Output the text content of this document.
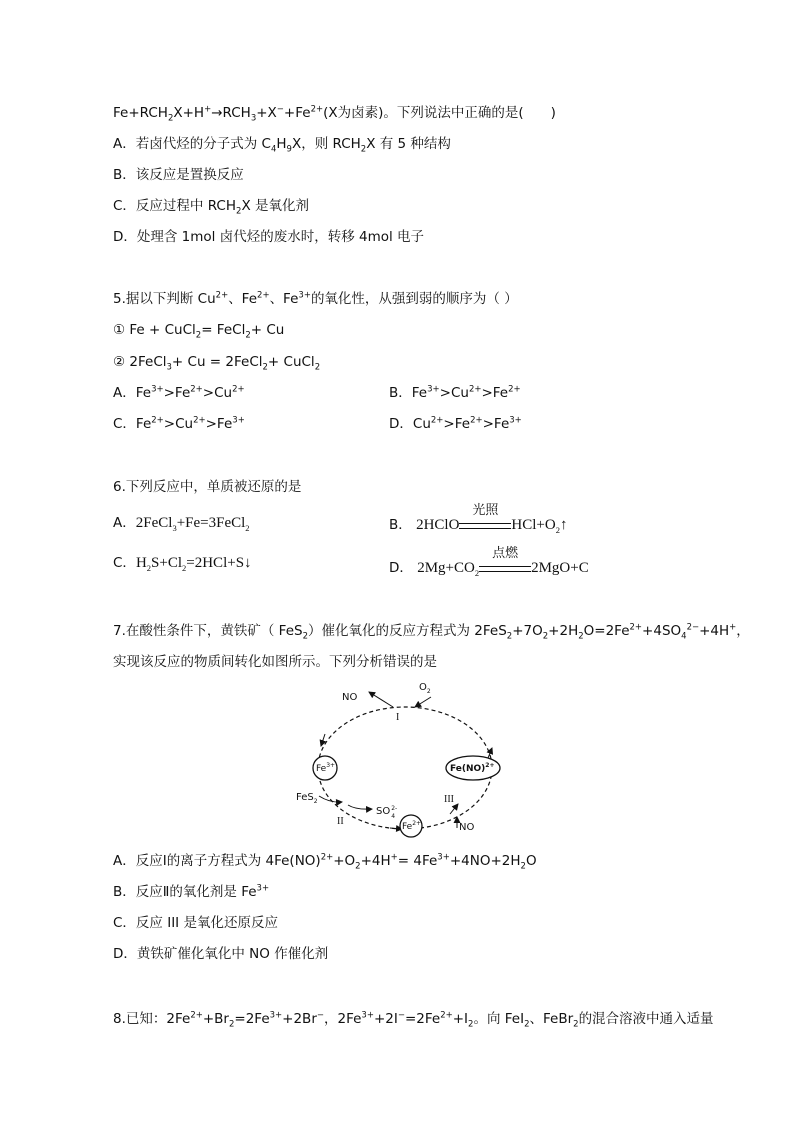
$Fe+RCH_2X+H^+\to RCH_3+X^-+Fe^{2+}(X$为卤素)。下列说法中正确的是(　　)
A．若卤代烃的分子式为 $C_4H_9X$，则 $RCH_2X$ 有 5 种结构
B．该反应是置换反应
C．反应过程中 $RCH_2X$ 是氧化剂
D．处理含 1mol 卤代烃的废水时，转移 4mol 电子
5.据以下判断 $Cu^{2+}$、$Fe^{2+}$、$Fe^{3+}$的氧化性，从强到弱的顺序为（ ）
① Fe + CuCl$_2$= FeCl$_2$+ Cu
② 2FeCl$_3$+ Cu = 2FeCl$_2$+ CuCl$_2$
A．$Fe^{3+}>Fe^{2+}>Cu^{2+}$	B．$Fe^{3+}>Cu^{2+}>Fe^{2+}$
C．$Fe^{2+}>Cu^{2+}>Fe^{3+}$	D．$Cu^{2+}>Fe^{2+}>Fe^{3+}$
6.下列反应中，单质被还原的是
A．2FeCl$_3$+Fe=3FeCl$_2$	B． 2HClO
光照
$HCl+O_2↑$
C．$H_2S+Cl_2=2HCl+S↓$	D． $2Mg+CO_2$
点燃
2MgO+C
7.在酸性条件下，黄铁矿（ FeS$_2$）催化氧化的反应方程式为 $2FeS_2+7O_2+2H_2O=2Fe^{2+}+4SO_4^{2-}+4H^+$，
实现该反应的物质间转化如图所示。下列分析错误的是
NO
$O_2$
I
$Fe^{3+}$	Fe(NO)$^{2+}$
$Fe^{2+}$
FeS$_2$
$SO^{2-}4$
II
III
NO
A．反应Ⅰ的离子方程式为 $4Fe(NO)^{2+}+O_2+4H^+= 4Fe^{3+}+4NO+2H_2O$
B．反应Ⅱ的氧化剂是 $Fe^{3+}$
C．反应 III 是氧化还原反应
D．黄铁矿催化氧化中 NO 作催化剂
8.已知：$2Fe^{2+}+Br_2=2Fe^{3+}+2Br^-$，$2Fe^{3+}+2I^-=2Fe^{2+}+I_2$。向 FeI$_2$、FeBr$_2$的混合溶液中通入适量
